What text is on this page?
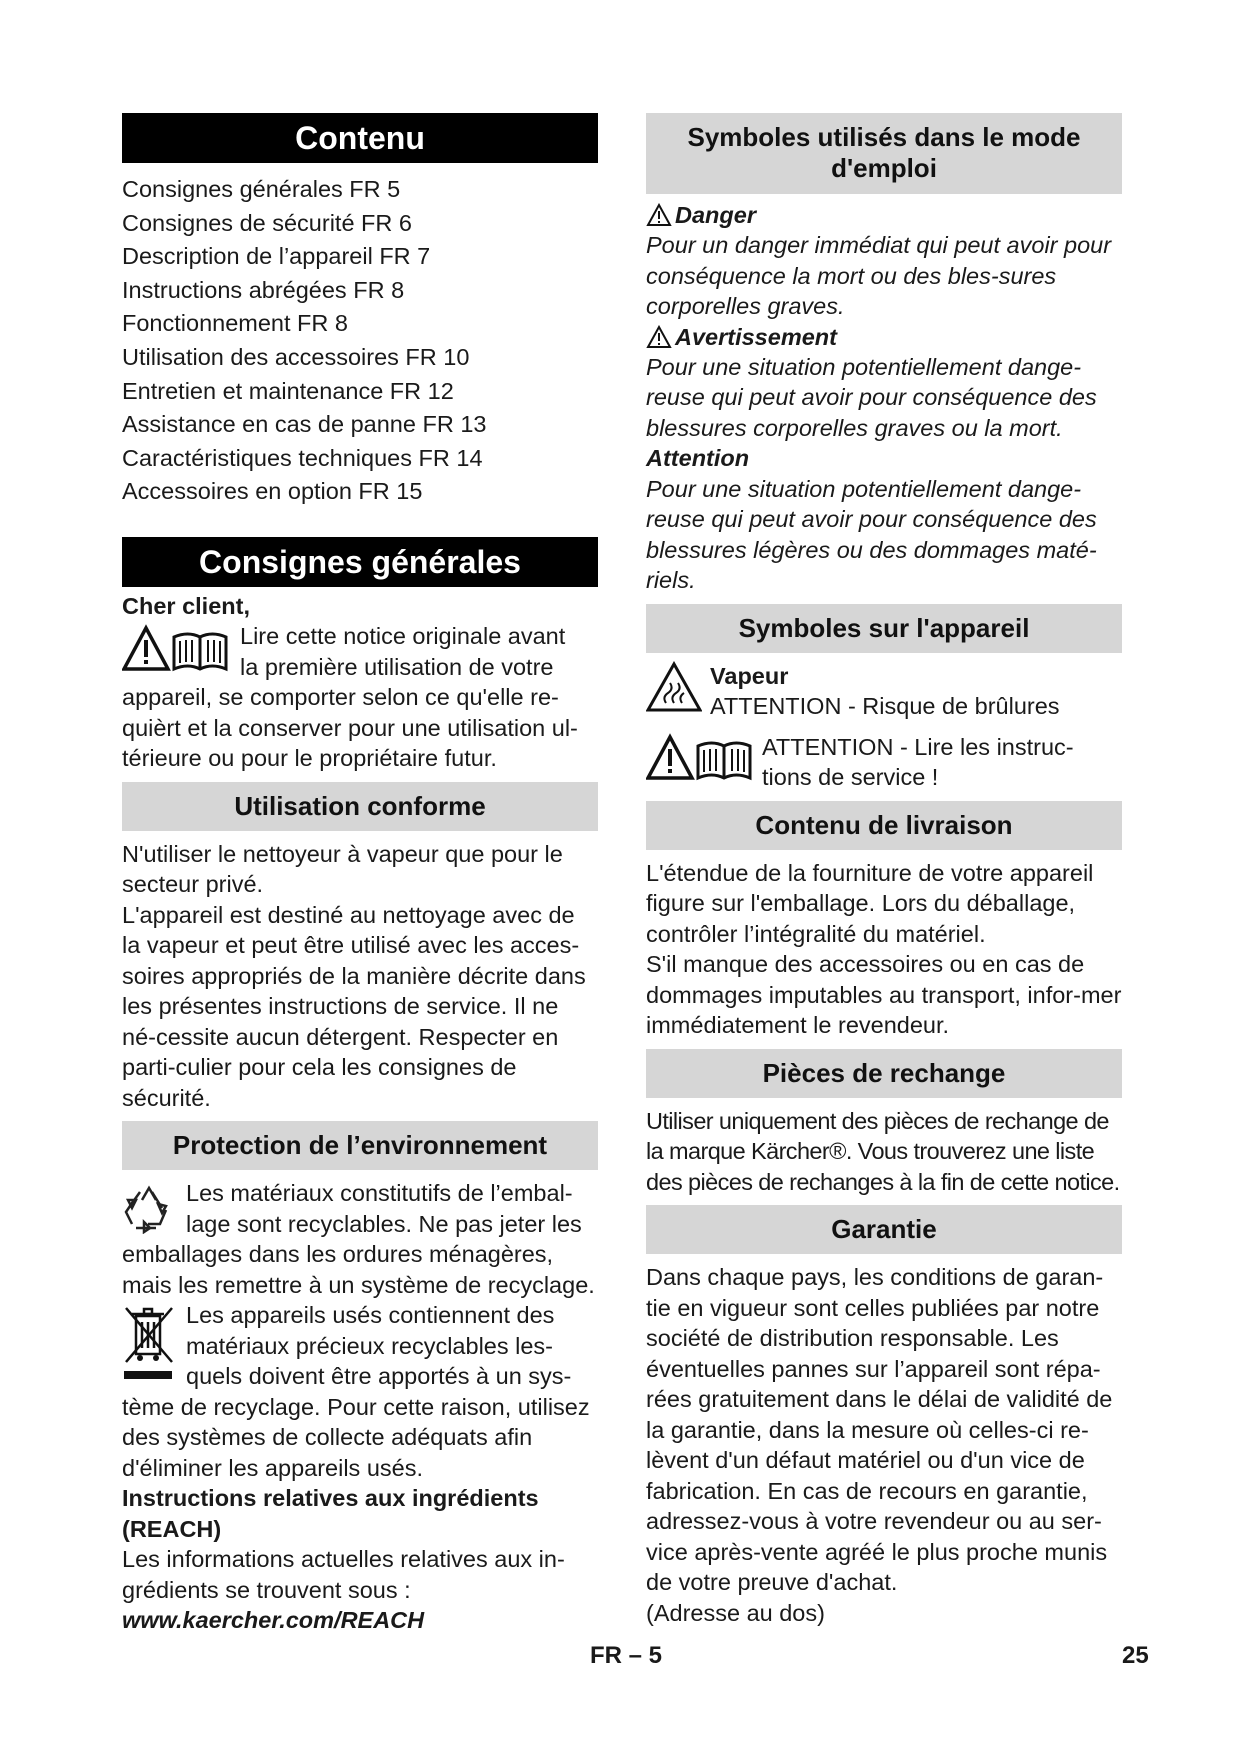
Contenu
Consignes générales FR 5
Consignes de sécurité FR 6
Description de l’appareil FR 7
Instructions abrégées FR 8
Fonctionnement FR 8
Utilisation des accessoires FR 10
Entretien et maintenance FR 12
Assistance en cas de panne FR 13
Caractéristiques techniques FR 14
Accessoires en option FR 15
Consignes générales

Cher client,

Lire cette notice originale avant
la première utilisation de votre

appareil, se comporter selon ce qu'elle re-quièrt et la conserver pour une utilisation ul-térieure ou pour le propriétaire futur.

Utilisation conforme

N'utiliser le nettoyeur à vapeur que pour le secteur privé.

L'appareil est destiné au nettoyage avec de la vapeur et peut être utilisé avec les acces-soires appropriés de la manière décrite dans les présentes instructions de service. Il ne né-cessite aucun détergent. Respecter en parti-culier pour cela les consignes de sécurité.

Protection de l’environnement

Les matériaux constitutifs de l’embal-lage sont recyclables. Ne pas jeter les emballages dans les ordures ménagères, mais les remettre à un système de recyclage.

Les appareils usés contiennent des matériaux précieux recyclables les-quels doivent être apportés à un sys-tème de recyclage. Pour cette raison, utilisez des systèmes de collecte adéquats afin d'éliminer les appareils usés.

Instructions relatives aux ingrédients (REACH)

Les informations actuelles relatives aux in-grédients se trouvent sous :

www.kaercher.com/REACH

Symboles utilisés dans le mode d'emploi
Danger

Pour un danger immédiat qui peut avoir pour conséquence la mort ou des bles-sures corporelles graves.

Avertissement

Pour une situation potentiellement dange-reuse qui peut avoir pour conséquence des blessures corporelles graves ou la mort.

Attention

Pour une situation potentiellement dange-reuse qui peut avoir pour conséquence des blessures légères ou des dommages maté-riels.

Symboles sur l'appareil
Vapeur
ATTENTION - Risque de brûlures
ATTENTION - Lire les instruc-tions de service !
Contenu de livraison

L'étendue de la fourniture de votre appareil figure sur l'emballage. Lors du déballage, contrôler l’intégralité du matériel.

S'il manque des accessoires ou en cas de dommages imputables au transport, infor-mer immédiatement le revendeur.

Pièces de rechange

Utiliser uniquement des pièces de rechange de la marque Kärcher®. Vous trouverez une liste des pièces de rechanges à la fin de cette notice.

Garantie

Dans chaque pays, les conditions de garan-tie en vigueur sont celles publiées par notre société de distribution responsable. Les éventuelles pannes sur l’appareil sont répa-rées gratuitement dans le délai de validité de la garantie, dans la mesure où celles-ci re-lèvent d'un défaut matériel ou d'un vice de fabrication. En cas de recours en garantie, adressez-vous à votre revendeur ou au ser-vice après-vente agréé le plus proche munis de votre preuve d'achat.

(Adresse au dos)

FR – 5	25
